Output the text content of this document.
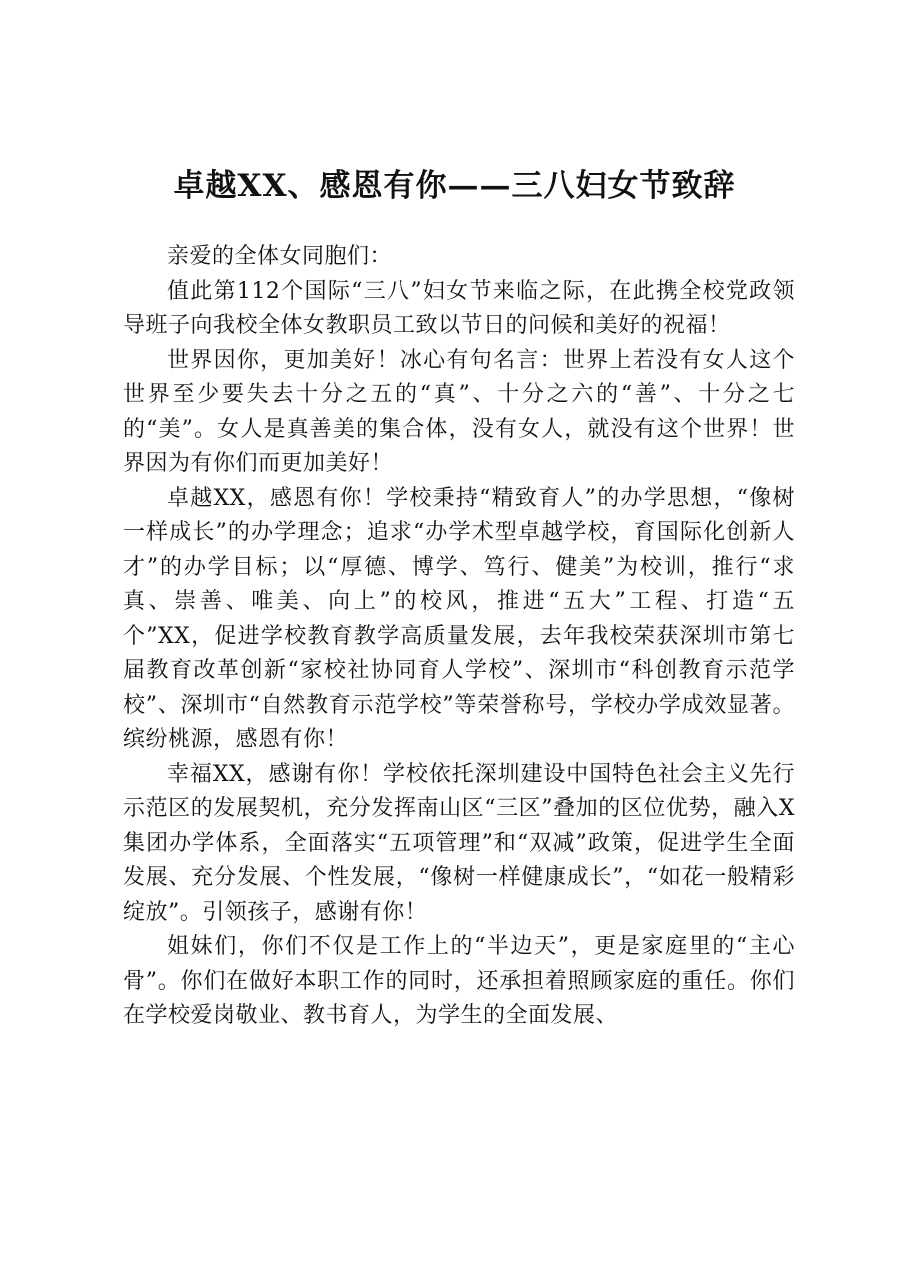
卓越XX、感恩有你——三八妇女节致辞

亲爱的全体女同胞们：

值此第112个国际“三八”妇女节来临之际，在此携全校党政领导班子向我校全体女教职员工致以节日的问候和美好的祝福！

世界因你，更加美好！冰心有句名言：世界上若没有女人这个世界至少要失去十分之五的“真”、十分之六的“善”、十分之七的“美”。女人是真善美的集合体，没有女人，就没有这个世界！世界因为有你们而更加美好！

卓越XX，感恩有你！学校秉持“精致育人”的办学思想，“像树一样成长”的办学理念；追求“办学术型卓越学校，育国际化创新人才”的办学目标；以“厚德、博学、笃行、健美”为校训，推行“求真、崇善、唯美、向上”的校风，推进“五大”工程、打造“五个”XX，促进学校教育教学高质量发展，去年我校荣获深圳市第七届教育改革创新“家校社协同育人学校”、深圳市“科创教育示范学校”、深圳市“自然教育示范学校”等荣誉称号，学校办学成效显著。缤纷桃源，感恩有你！

幸福XX，感谢有你！学校依托深圳建设中国特色社会主义先行示范区的发展契机，充分发挥南山区“三区”叠加的区位优势，融入X集团办学体系，全面落实“五项管理”和“双减”政策，促进学生全面发展、充分发展、个性发展，“像树一样健康成长”，“如花一般精彩绽放”。引领孩子，感谢有你！

姐妹们，你们不仅是工作上的“半边天”，更是家庭里的“主心骨”。你们在做好本职工作的同时，还承担着照顾家庭的重任。你们在学校爱岗敬业、教书育人，为学生的全面发展、
